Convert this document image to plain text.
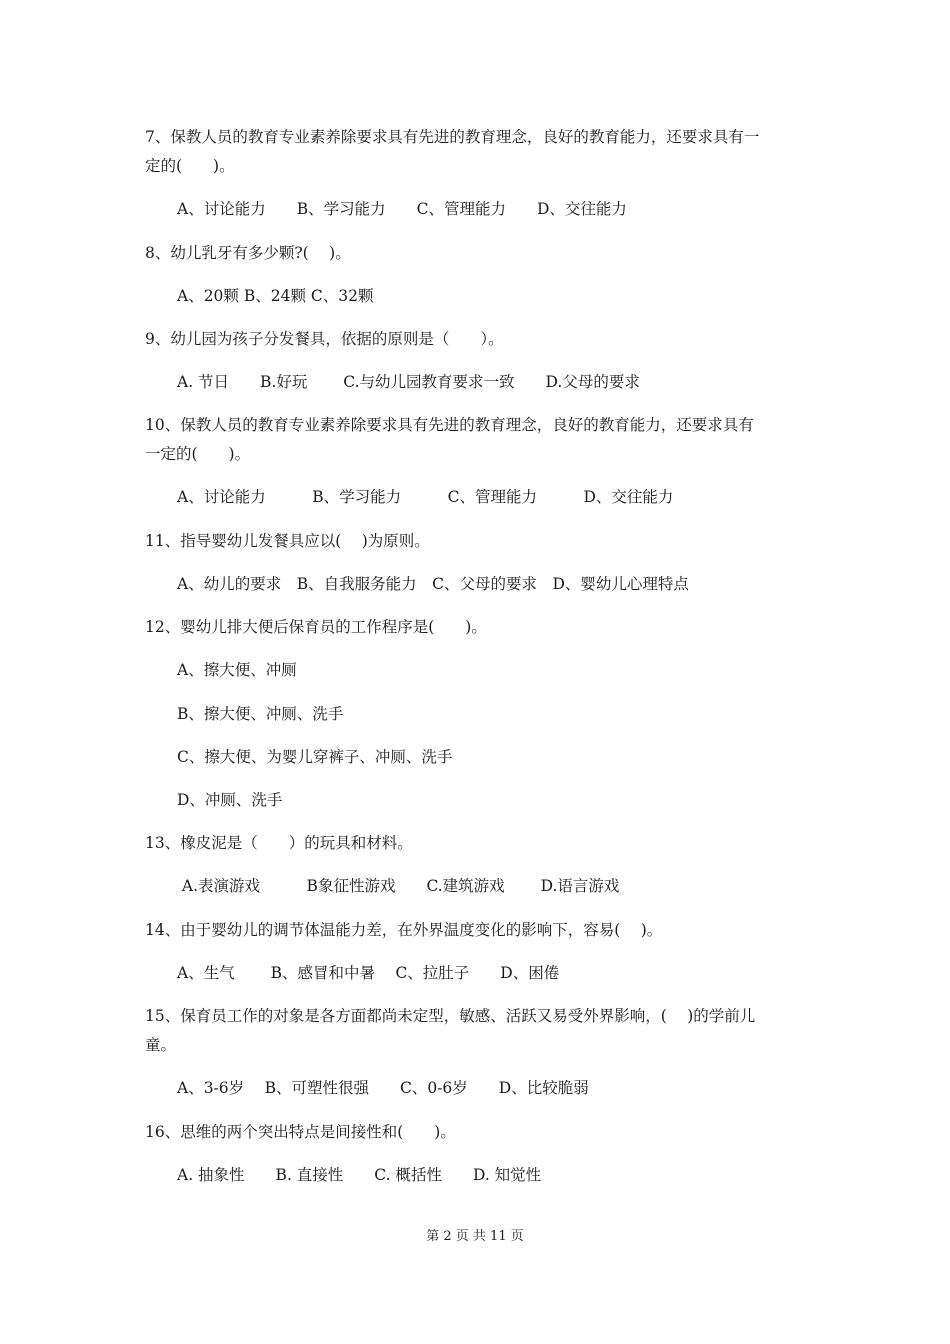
7、保教人员的教育专业素养除要求具有先进的教育理念，良好的教育能力，还要求具有一
定的(　　)。
A、讨论能力　　B、学习能力　　C、管理能力　　D、交往能力
8、幼儿乳牙有多少颗?(　 )。
A、20颗 B、24颗 C、32颗
9、幼儿园为孩子分发餐具，依据的原则是（　　）。
A. 节日　　B.好玩　　 C.与幼儿园教育要求一致　　D.父母的要求
10、保教人员的教育专业素养除要求具有先进的教育理念，良好的教育能力，还要求具有
一定的(　　)。
A、讨论能力　　　B、学习能力　　　C、管理能力　　　D、交往能力
11、指导婴幼儿发餐具应以(　 )为原则。
A、幼儿的要求　B、自我服务能力　C、父母的要求　D、婴幼儿心理特点
12、婴幼儿排大便后保育员的工作程序是(　　)。
A、擦大便、冲厕
B、擦大便、冲厕、洗手
C、擦大便、为婴儿穿裤子、冲厕、洗手
D、冲厕、洗手
13、橡皮泥是（　　）的玩具和材料。
A.表演游戏　　　B象征性游戏　　C.建筑游戏　　 D.语言游戏
14、由于婴幼儿的调节体温能力差，在外界温度变化的影响下，容易(　 )。
A、生气　　 B、感冒和中暑　 C、拉肚子　　D、困倦
15、保育员工作的对象是各方面都尚未定型，敏感、活跃又易受外界影响，(　 )的学前儿
童。
A、3-6岁　 B、可塑性很强　　C、0-6岁　　D、比较脆弱
16、思维的两个突出特点是间接性和(　　)。
A. 抽象性　　B. 直接性　　C. 概括性　　D. 知觉性
第 2 页 共 11 页
